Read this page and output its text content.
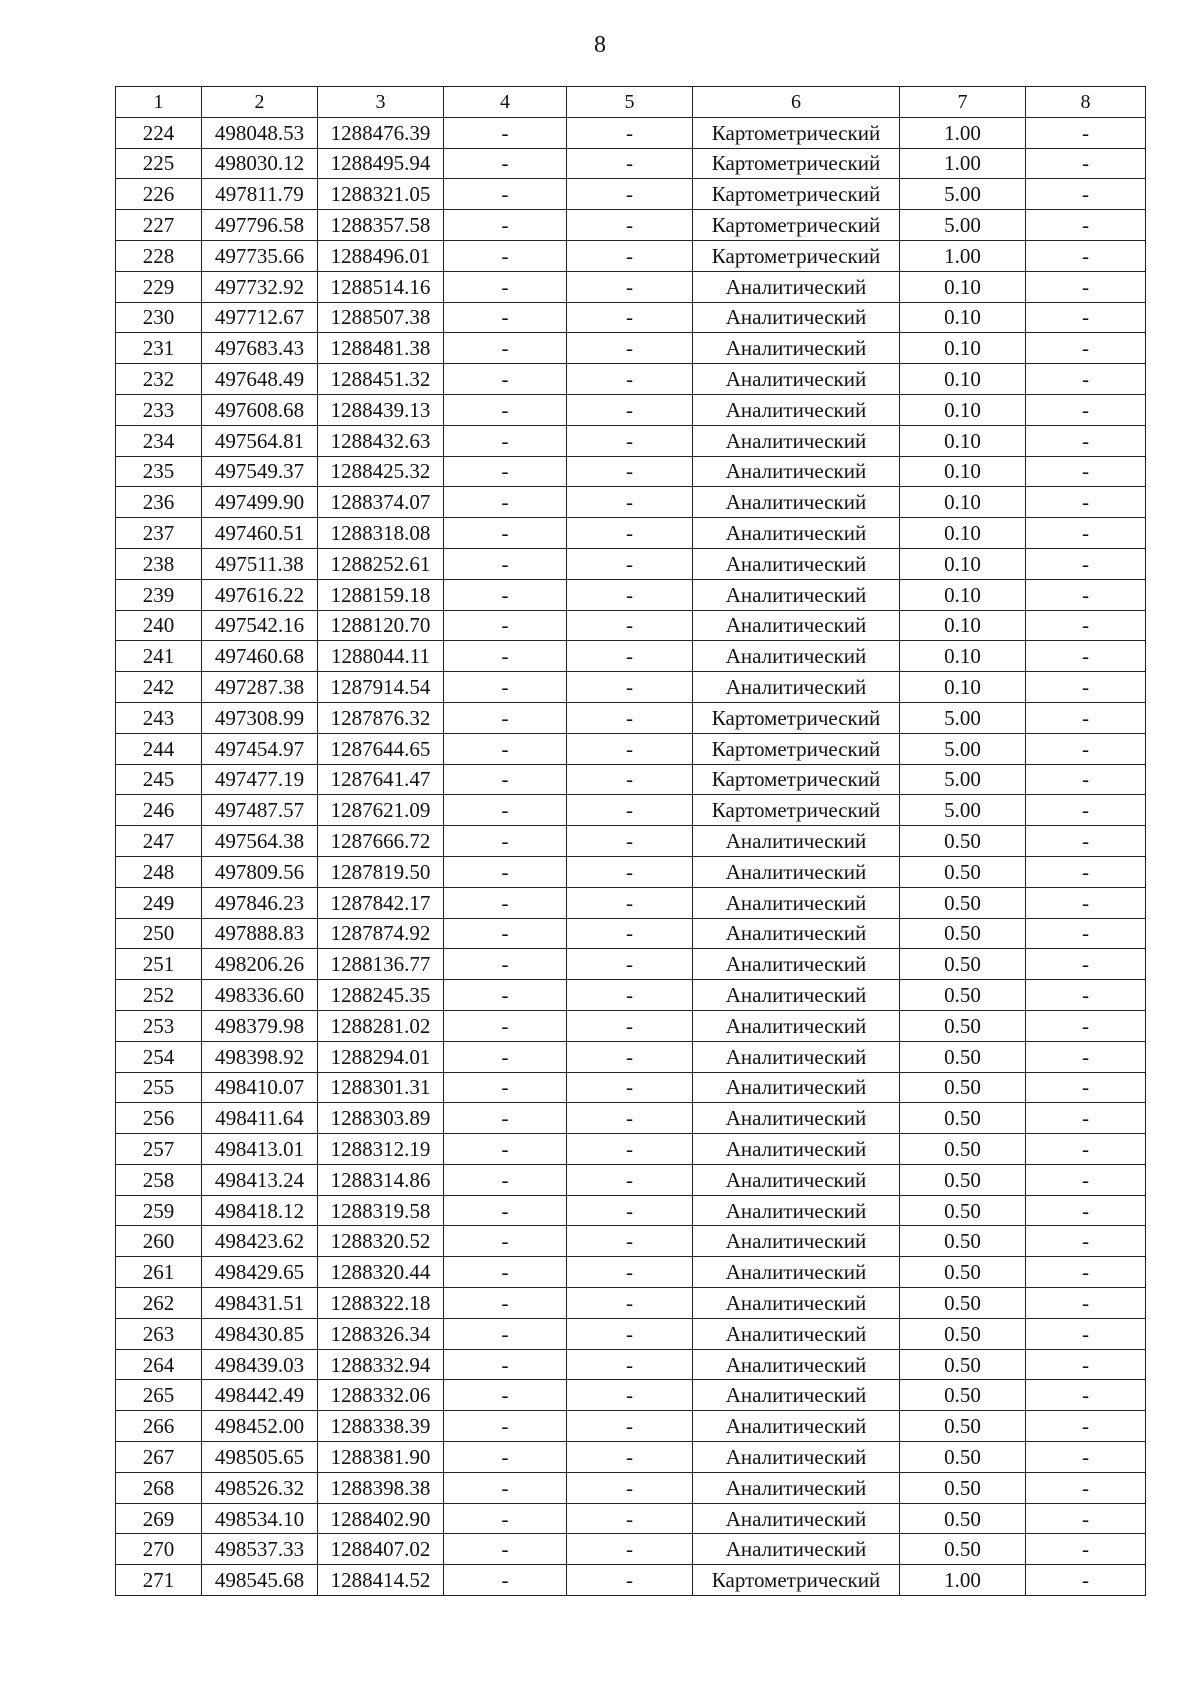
8
1	2	3	4	5	6	7	8
224	498048.53	1288476.39	-	-	Картометрический	1.00	-
225	498030.12	1288495.94	-	-	Картометрический	1.00	-
226	497811.79	1288321.05	-	-	Картометрический	5.00	-
227	497796.58	1288357.58	-	-	Картометрический	5.00	-
228	497735.66	1288496.01	-	-	Картометрический	1.00	-
229	497732.92	1288514.16	-	-	Аналитический	0.10	-
230	497712.67	1288507.38	-	-	Аналитический	0.10	-
231	497683.43	1288481.38	-	-	Аналитический	0.10	-
232	497648.49	1288451.32	-	-	Аналитический	0.10	-
233	497608.68	1288439.13	-	-	Аналитический	0.10	-
234	497564.81	1288432.63	-	-	Аналитический	0.10	-
235	497549.37	1288425.32	-	-	Аналитический	0.10	-
236	497499.90	1288374.07	-	-	Аналитический	0.10	-
237	497460.51	1288318.08	-	-	Аналитический	0.10	-
238	497511.38	1288252.61	-	-	Аналитический	0.10	-
239	497616.22	1288159.18	-	-	Аналитический	0.10	-
240	497542.16	1288120.70	-	-	Аналитический	0.10	-
241	497460.68	1288044.11	-	-	Аналитический	0.10	-
242	497287.38	1287914.54	-	-	Аналитический	0.10	-
243	497308.99	1287876.32	-	-	Картометрический	5.00	-
244	497454.97	1287644.65	-	-	Картометрический	5.00	-
245	497477.19	1287641.47	-	-	Картометрический	5.00	-
246	497487.57	1287621.09	-	-	Картометрический	5.00	-
247	497564.38	1287666.72	-	-	Аналитический	0.50	-
248	497809.56	1287819.50	-	-	Аналитический	0.50	-
249	497846.23	1287842.17	-	-	Аналитический	0.50	-
250	497888.83	1287874.92	-	-	Аналитический	0.50	-
251	498206.26	1288136.77	-	-	Аналитический	0.50	-
252	498336.60	1288245.35	-	-	Аналитический	0.50	-
253	498379.98	1288281.02	-	-	Аналитический	0.50	-
254	498398.92	1288294.01	-	-	Аналитический	0.50	-
255	498410.07	1288301.31	-	-	Аналитический	0.50	-
256	498411.64	1288303.89	-	-	Аналитический	0.50	-
257	498413.01	1288312.19	-	-	Аналитический	0.50	-
258	498413.24	1288314.86	-	-	Аналитический	0.50	-
259	498418.12	1288319.58	-	-	Аналитический	0.50	-
260	498423.62	1288320.52	-	-	Аналитический	0.50	-
261	498429.65	1288320.44	-	-	Аналитический	0.50	-
262	498431.51	1288322.18	-	-	Аналитический	0.50	-
263	498430.85	1288326.34	-	-	Аналитический	0.50	-
264	498439.03	1288332.94	-	-	Аналитический	0.50	-
265	498442.49	1288332.06	-	-	Аналитический	0.50	-
266	498452.00	1288338.39	-	-	Аналитический	0.50	-
267	498505.65	1288381.90	-	-	Аналитический	0.50	-
268	498526.32	1288398.38	-	-	Аналитический	0.50	-
269	498534.10	1288402.90	-	-	Аналитический	0.50	-
270	498537.33	1288407.02	-	-	Аналитический	0.50	-
271	498545.68	1288414.52	-	-	Картометрический	1.00	-
